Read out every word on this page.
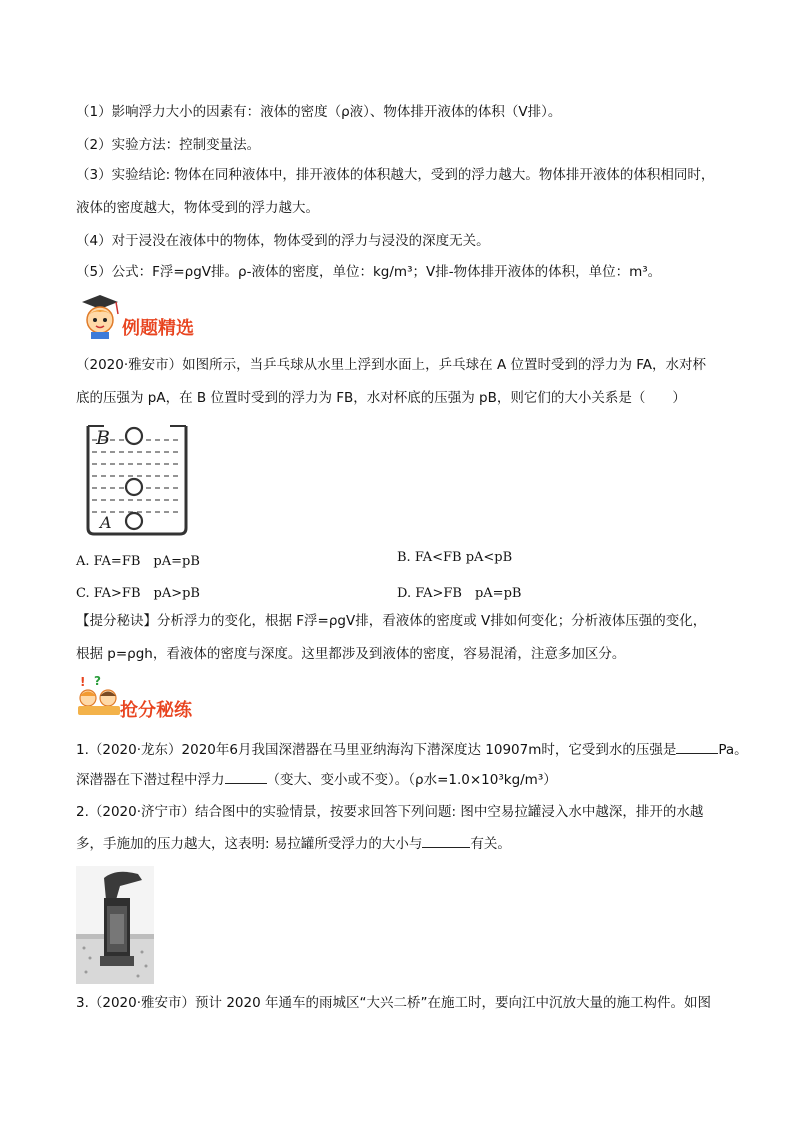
（1）影响浮力大小的因素有：液体的密度（ρ液）、物体排开液体的体积（V排）。
（2）实验方法：控制变量法。
（3）实验结论: 物体在同种液体中，排开液体的体积越大，受到的浮力越大。物体排开液体的体积相同时，
液体的密度越大，物体受到的浮力越大。
（4）对于浸没在液体中的物体，物体受到的浮力与浸没的深度无关。
（5）公式：F浮=ρgV排。ρ-液体的密度，单位：kg/m³；V排-物体排开液体的体积，单位：m³。
例题精选
（2020·雅安市）如图所示，当乒乓球从水里上浮到水面上，乒乓球在 A 位置时受到的浮力为 FA，水对杯
底的压强为 pA，在 B 位置时受到的浮力为 FB，水对杯底的压强为 pB，则它们的大小关系是（　　）
B
A
A. FA=FB　pA=pB	B. FA<FB pA<pB
C. FA>FB　pA>pB	D. FA>FB　pA=pB
【提分秘诀】分析浮力的变化，根据 F浮=ρgV排，看液体的密度或 V排如何变化；分析液体压强的变化，
根据 p=ρgh，看液体的密度与深度。这里都涉及到液体的密度，容易混淆，注意多加区分。
! ?
抢分秘练
1.（2020·龙东）2020年6月我国深潜器在马里亚纳海沟下潜深度达 10907m时，它受到水的压强是	Pa。
深潜器在下潜过程中浮力	（变大、变小或不变）。（ρ水=1.0×10³kg/m³）
2.（2020·济宁市）结合图中的实验情景，按要求回答下列问题: 图中空易拉罐浸入水中越深，排开的水越
多，手施加的压力越大，这表明: 易拉罐所受浮力的大小与	有关。
3.（2020·雅安市）预计 2020 年通车的雨城区“大兴二桥”在施工时，要向江中沉放大量的施工构件。如图
